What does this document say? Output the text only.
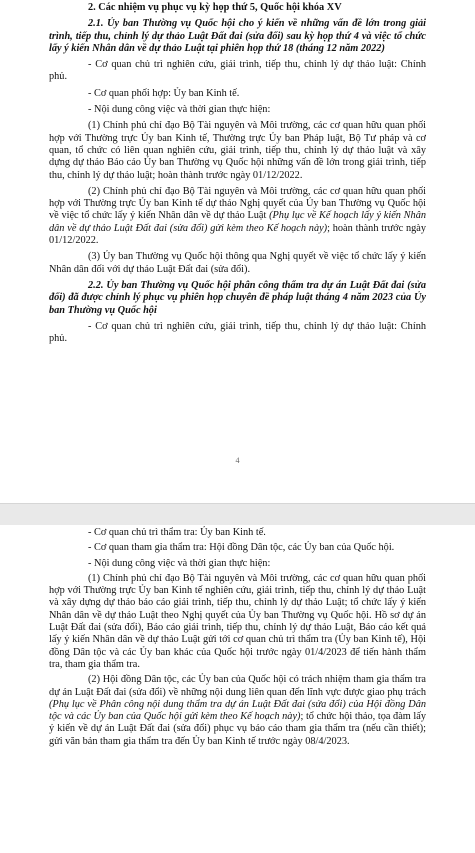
2. Các nhiệm vụ phục vụ kỳ họp thứ 5, Quốc hội khóa XV

2.1. Ủy ban Thường vụ Quốc hội cho ý kiến về những vấn đề lớn trong giải trình, tiếp thu, chỉnh lý dự thảo Luật Đất đai (sửa đổi) sau kỳ họp thứ 4 và việc tổ chức lấy ý kiến Nhân dân về dự thảo Luật tại phiên họp thứ 18 (tháng 12 năm 2022)

- Cơ quan chủ trì nghiên cứu, giải trình, tiếp thu, chỉnh lý dự thảo luật: Chính phủ.

- Cơ quan phối hợp: Ủy ban Kinh tế.

- Nội dung công việc và thời gian thực hiện:

(1) Chính phủ chỉ đạo Bộ Tài nguyên và Môi trường, các cơ quan hữu quan phối hợp với Thường trực Ủy ban Kinh tế, Thường trực Ủy ban Pháp luật, Bộ Tư pháp và cơ quan, tổ chức có liên quan nghiên cứu, giải trình, tiếp thu, chỉnh lý dự thảo luật và xây dựng dự thảo Báo cáo Ủy ban Thường vụ Quốc hội những vấn đề lớn trong giải trình, tiếp thu, chỉnh lý dự thảo luật; hoàn thành trước ngày 01/12/2022.

(2) Chính phủ chỉ đạo Bộ Tài nguyên và Môi trường, các cơ quan hữu quan phối hợp với Thường trực Ủy ban Kinh tế dự thảo Nghị quyết của Ủy ban Thường vụ Quốc hội về việc tổ chức lấy ý kiến Nhân dân về dự thảo Luật (Phụ lục về Kế hoạch lấy ý kiến Nhân dân về dự thảo Luật Đất đai (sửa đổi) gửi kèm theo Kế hoạch này); hoàn thành trước ngày 01/12/2022.

(3) Ủy ban Thường vụ Quốc hội thông qua Nghị quyết về việc tổ chức lấy ý kiến Nhân dân đối với dự thảo Luật Đất đai (sửa đổi).

2.2. Ủy ban Thường vụ Quốc hội phân công thẩm tra dự án Luật Đất đai (sửa đổi) đã được chỉnh lý phục vụ phiên họp chuyên đề pháp luật tháng 4 năm 2023 của Ủy ban Thường vụ Quốc hội

- Cơ quan chủ trì nghiên cứu, giải trình, tiếp thu, chỉnh lý dự thảo luật: Chính phủ.

4

- Cơ quan chủ trì thẩm tra: Ủy ban Kinh tế.

- Cơ quan tham gia thẩm tra: Hội đồng Dân tộc, các Ủy ban của Quốc hội.

- Nội dung công việc và thời gian thực hiện:

(1) Chính phủ chỉ đạo Bộ Tài nguyên và Môi trường, các cơ quan hữu quan phối hợp với Thường trực Ủy ban Kinh tế nghiên cứu, giải trình, tiếp thu, chỉnh lý dự thảo Luật và xây dựng dự thảo báo cáo giải trình, tiếp thu, chỉnh lý dự thảo Luật; tổ chức lấy ý kiến Nhân dân về dự thảo Luật theo Nghị quyết của Ủy ban Thường vụ Quốc hội. Hồ sơ dự án Luật Đất đai (sửa đổi), Báo cáo giải trình, tiếp thu, chỉnh lý dự thảo Luật, Báo cáo kết quả lấy ý kiến Nhân dân về dự thảo Luật gửi tới cơ quan chủ trì thẩm tra (Ủy ban Kinh tế), Hội đồng Dân tộc và các Ủy ban khác của Quốc hội trước ngày 01/4/2023 để tiến hành thẩm tra, tham gia thẩm tra.

(2) Hội đồng Dân tộc, các Ủy ban của Quốc hội có trách nhiệm tham gia thẩm tra dự án Luật Đất đai (sửa đổi) về những nội dung liên quan đến lĩnh vực được giao phụ trách (Phụ lục về Phân công nội dung thẩm tra dự án Luật Đất đai (sửa đổi) của Hội đồng Dân tộc và các Ủy ban của Quốc hội gửi kèm theo Kế hoạch này); tổ chức hội thảo, tọa đàm lấy ý kiến về dự án Luật Đất đai (sửa đổi) phục vụ báo cáo tham gia thẩm tra (nếu cần thiết); gửi văn bản tham gia thẩm tra đến Ủy ban Kinh tế trước ngày 08/4/2023.
